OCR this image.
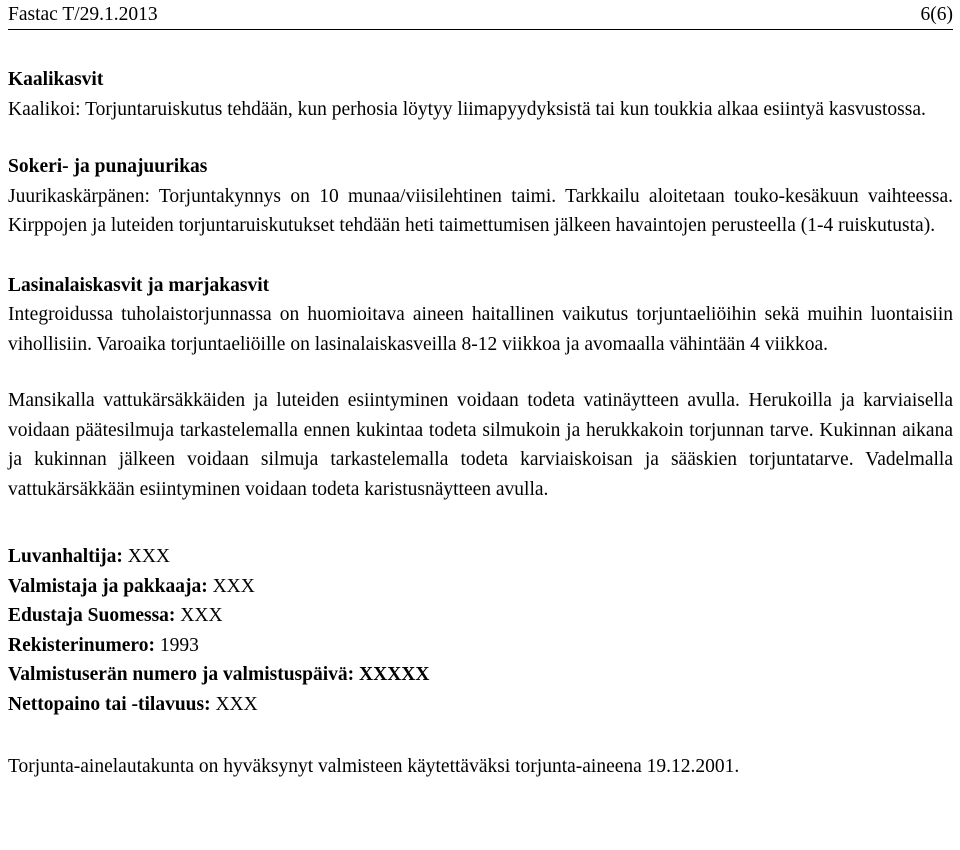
Fastac T/29.1.2013	6(6)
Kaalikasvit

Kaalikoi: Torjuntaruiskutus tehdään, kun perhosia löytyy liimapyydyksistä tai kun toukkia alkaa esiintyä kasvustossa.

Sokeri- ja punajuurikas

Juurikaskärpänen: Torjuntakynnys on 10 munaa/viisilehtinen taimi. Tarkkailu aloitetaan touko-kesäkuun vaihteessa. Kirppojen ja luteiden torjuntaruiskutukset tehdään heti taimettumisen jälkeen havaintojen perusteella (1-4 ruiskutusta).

Lasinalaiskasvit ja marjakasvit

Integroidussa tuholaistorjunnassa on huomioitava aineen haitallinen vaikutus torjuntaeliöihin sekä muihin luontaisiin vihollisiin. Varoaika torjuntaeliöille on lasinalaiskasveilla 8-12 viikkoa ja avomaalla vähintään 4 viikkoa.

Mansikalla vattukärsäkkäiden ja luteiden esiintyminen voidaan todeta vatinäytteen avulla. Herukoilla ja karviaisella voidaan päätesilmuja tarkastelemalla ennen kukintaa todeta silmukoin ja herukkakoin torjunnan tarve. Kukinnan aikana ja kukinnan jälkeen voidaan silmuja tarkastelemalla todeta karviaiskoisan ja sääskien torjuntatarve. Vadelmalla vattukärsäkkään esiintyminen voidaan todeta karistusnäytteen avulla.

Luvanhaltija: XXX
Valmistaja ja pakkaaja: XXX
Edustaja Suomessa: XXX
Rekisterinumero: 1993
Valmistuserän numero ja valmistuspäivä: XXXXX
Nettopaino tai -tilavuus: XXX

Torjunta-ainelautakunta on hyväksynyt valmisteen käytettäväksi torjunta-aineena 19.12.2001.
